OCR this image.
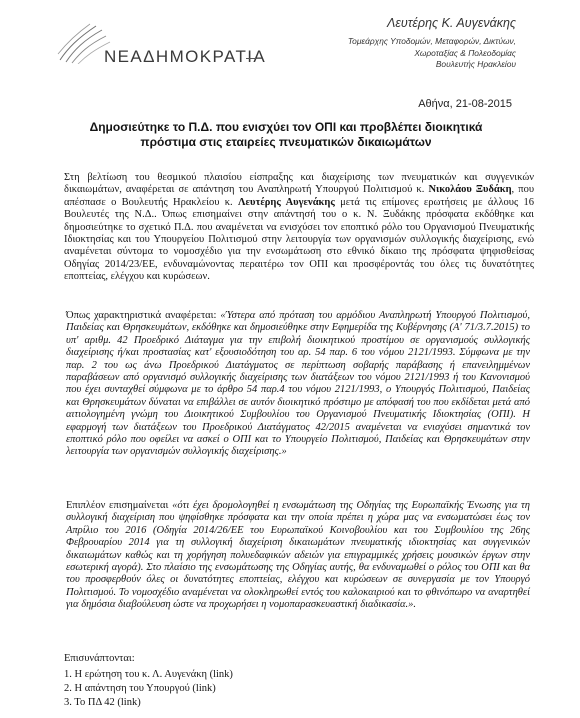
ΝΕΑΔΗΜΟΚΡΑΤΙΑ
Λευτέρης Κ. Αυγενάκης
Τομεάρχης Υποδομών, Μεταφορών, Δικτύων,
Χωροταξίας & Πολεοδομίας
Βουλευτής Ηρακλείου
Αθήνα, 21-08-2015
Δημοσιεύτηκε το Π.Δ. που ενισχύει τον ΟΠΙ και προβλέπει διοικητικά πρόστιμα στις εταιρείες πνευματικών δικαιωμάτων

Στη βελτίωση του θεσμικού πλαισίου είσπραξης και διαχείρισης των πνευματικών και συγγενικών δικαιωμάτων, αναφέρεται σε απάντηση του Αναπληρωτή Υπουργού Πολιτισμού κ. Νικολάου Ξυδάκη, που απέσπασε ο Βουλευτής Ηρακλείου κ. Λευτέρης Αυγενάκης μετά τις επίμονες ερωτήσεις με άλλους 16 Βουλευτές της Ν.Δ.. Όπως επισημαίνει στην απάντησή του ο κ. Ν. Ξυδάκης πρόσφατα εκδόθηκε και δημοσιεύτηκε το σχετικό Π.Δ. που αναμένεται να ενισχύσει τον εποπτικό ρόλο του Οργανισμού Πνευματικής Ιδιοκτησίας και του Υπουργείου Πολιτισμού στην λειτουργία των οργανισμών συλλογικής διαχείρισης, ενώ αναμένεται σύντομα το νομοσχέδιο για την ενσωμάτωση στο εθνικό δίκαιο της πρόσφατα ψηφισθείσας Οδηγίας 2014/23/ΕΕ, ενδυναμώνοντας περαιτέρω τον ΟΠΙ και προσφέροντάς του όλες τις δυνατότητες εποπτείας, ελέγχου και κυρώσεων.

Όπως χαρακτηριστικά αναφέρεται: «Ύστερα από πρόταση του αρμόδιου Αναπληρωτή Υπουργού Πολιτισμού, Παιδείας και Θρησκευμάτων, εκδόθηκε και δημοσιεύθηκε στην Εφημερίδα της Κυβέρνησης (Α' 71/3.7.2015) το υπ' αριθμ. 42 Προεδρικό Διάταγμα για την επιβολή διοικητικού προστίμου σε οργανισμούς συλλογικής διαχείρισης ή/και προστασίας κατ' εξουσιοδότηση του αρ. 54 παρ. 6 του νόμου 2121/1993. Σύμφωνα με την παρ. 2 του ως άνω Προεδρικού Διατάγματος σε περίπτωση σοβαρής παράβασης ή επανειλημμένων παραβάσεων από οργανισμό συλλογικής διαχείρισης των διατάξεων του νόμου 2121/1993 ή του Κανονισμού που έχει συνταχθεί σύμφωνα με το άρθρο 54 παρ.4 του νόμου 2121/1993, ο Υπουργός Πολιτισμού, Παιδείας και Θρησκευμάτων δύναται να επιβάλλει σε αυτόν διοικητικό πρόστιμο με απόφασή του που εκδίδεται μετά από αιτιολογημένη γνώμη του Διοικητικού Συμβουλίου του Οργανισμού Πνευματικής Ιδιοκτησίας (ΟΠΙ). Η εφαρμογή των διατάξεων του Προεδρικού Διατάγματος 42/2015 αναμένεται να ενισχύσει σημαντικά τον εποπτικό ρόλο που οφείλει να ασκεί ο ΟΠΙ και το Υπουργείο Πολιτισμού, Παιδείας και Θρησκευμάτων στην λειτουργία των οργανισμών συλλογικής διαχείρισης.»

Επιπλέον επισημαίνεται «ότι έχει δρομολογηθεί η ενσωμάτωση της Οδηγίας της Ευρωπαϊκής Ένωσης για τη συλλογική διαχείριση που ψηφίσθηκε πρόσφατα και την οποία πρέπει η χώρα μας να ενσωματώσει έως τον Απρίλιο του 2016 (Οδηγία 2014/26/ΕΕ του Ευρωπαϊκού Κοινοβουλίου και του Συμβουλίου της 26ης Φεβρουαρίου 2014 για τη συλλογική διαχείριση δικαιωμάτων πνευματικής ιδιοκτησίας και συγγενικών δικαιωμάτων καθώς και τη χορήγηση πολυεδαφικών αδειών για επιγραμμικές χρήσεις μουσικών έργων στην εσωτερική αγορά). Στο πλαίσιο της ενσωμάτωσης της Οδηγίας αυτής, θα ενδυναμωθεί ο ρόλος του ΟΠΙ και θα του προσφερθούν όλες οι δυνατότητες εποπτείας, ελέγχου και κυρώσεων σε συνεργασία με τον Υπουργό Πολιτισμού. Το νομοσχέδιο αναμένεται να ολοκληρωθεί εντός του καλοκαιριού και το φθινόπωρο να αναρτηθεί για δημόσια διαβούλευση ώστε να προχωρήσει η νομοπαρασκευαστική διαδικασία.».

Επισυνάπτονται:
1. Η ερώτηση του κ. Λ. Αυγενάκη (link)
2. Η απάντηση του Υπουργού (link)
3. Το ΠΔ 42 (link)
